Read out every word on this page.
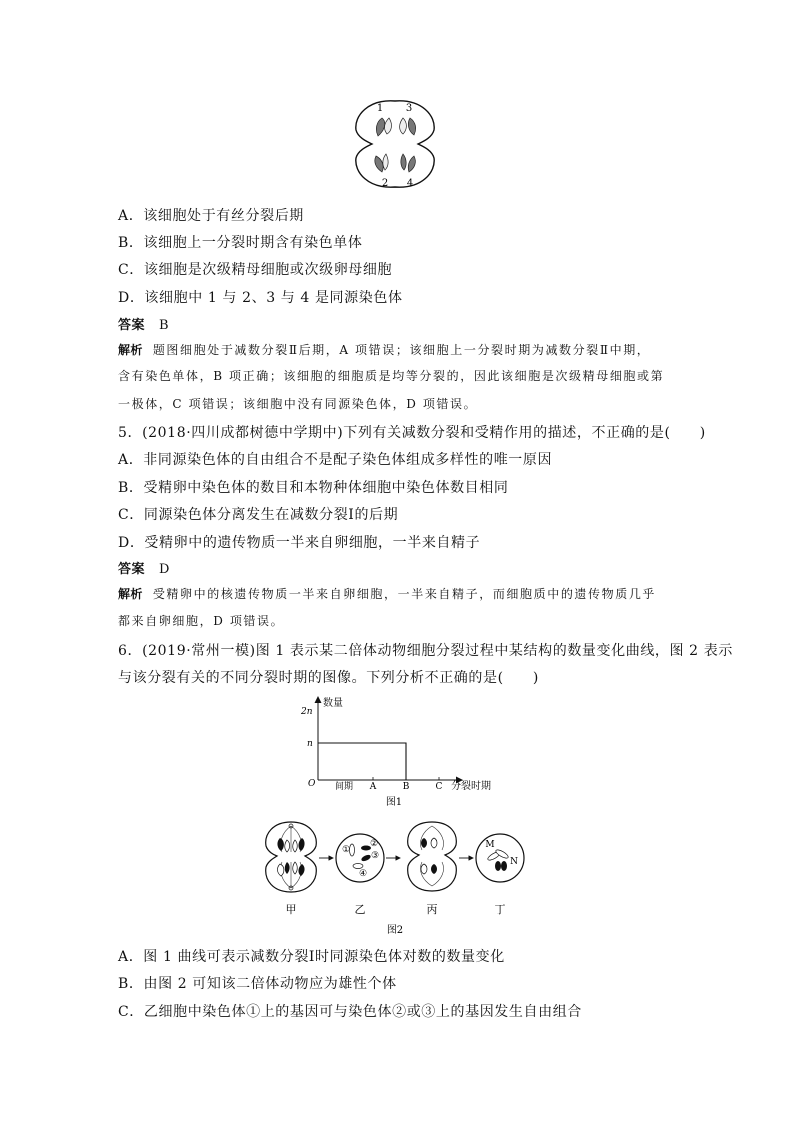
1 3
2 4
A．该细胞处于有丝分裂后期
B．该细胞上一分裂时期含有染色单体
C．该细胞是次级精母细胞或次级卵母细胞
D．该细胞中 1 与 2、3 与 4 是同源染色体
答案 B
解析 题图细胞处于减数分裂Ⅱ后期，A 项错误；该细胞上一分裂时期为减数分裂Ⅱ中期，
含有染色单体，B 项正确；该细胞的细胞质是均等分裂的，因此该细胞是次级精母细胞或第
一极体，C 项错误；该细胞中没有同源染色体，D 项错误。
5．(2018·四川成都树德中学期中)下列有关减数分裂和受精作用的描述，不正确的是(　　)
A．非同源染色体的自由组合不是配子染色体组成多样性的唯一原因
B．受精卵中染色体的数目和本物种体细胞中染色体数目相同
C．同源染色体分离发生在减数分裂Ⅰ的后期
D．受精卵中的遗传物质一半来自卵细胞，一半来自精子
答案 D
解析 受精卵中的核遗传物质一半来自卵细胞，一半来自精子，而细胞质中的遗传物质几乎
都来自卵细胞，D 项错误。
6．(2019·常州一模)图 1 表示某二倍体动物细胞分裂过程中某结构的数量变化曲线，图 2 表示
与该分裂有关的不同分裂时期的图像。下列分析不正确的是(　　)
数量
分裂时期
O
2n
n
间期 A	B	C
图1
①
②
③
④
M
N
甲	乙	丙	丁
图2
A．图 1 曲线可表示减数分裂Ⅰ时同源染色体对数的数量变化
B．由图 2 可知该二倍体动物应为雄性个体
C．乙细胞中染色体①上的基因可与染色体②或③上的基因发生自由组合
